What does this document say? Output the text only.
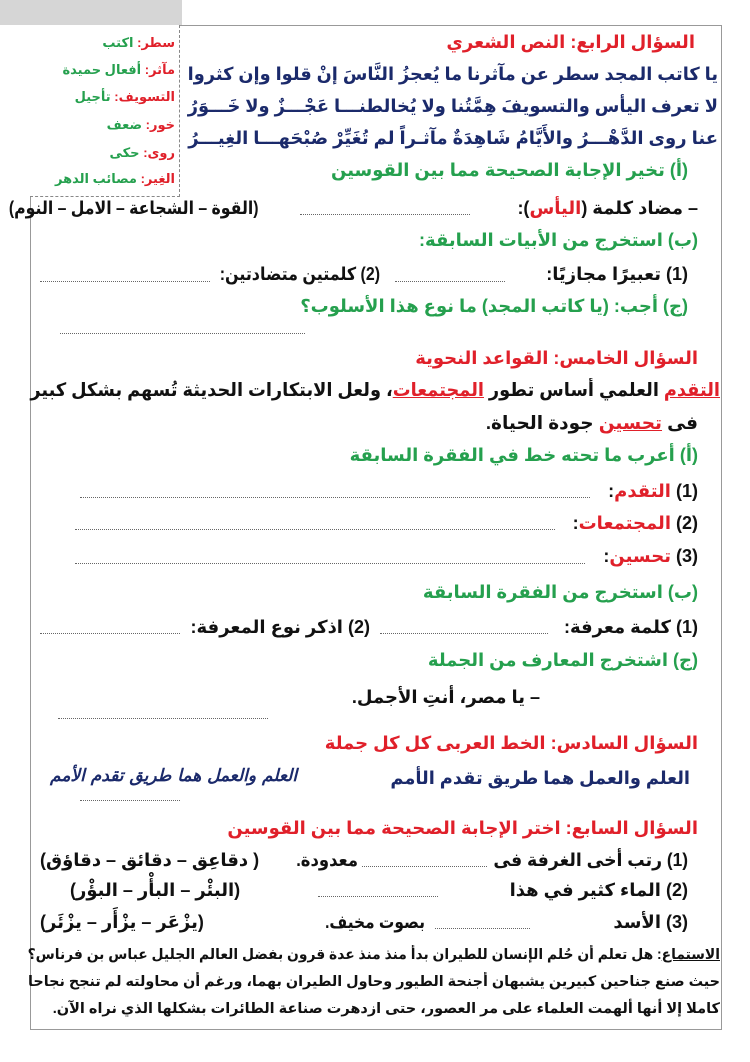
سطر: اكتب
مآثر: أفعال حميدة
التسويف: تأجيل
خور: ضعف
روى: حكى
الغِير: مصائب الدهر
السؤال الرابع: النص الشعري
يا كاتب المجد سطر عن مآثرنا ما يُعجزُ النَّاسَ إنْ قلوا وإن كثروا
لا تعرف اليأس والتسويفَ هِمَّتُنا ولا يُخالطنـــا عَجْـــزٌ ولا خَـــوَرُ
عنا روى الدَّهْـــرُ والأَيَّامُ شَاهِدَةٌ مآثـراً لم تُغَيِّرْ صُبْحَهـــا الغِيـــرُ
(أ) تخير الإجابة الصحيحة مما بين القوسين
– مضاد كلمة (اليأس):
(القوة – الشجاعة – الامل – النوم)
(ب) استخرج من الأبيات السابقة:
(1) تعبيرًا مجازيًا:
(2) كلمتين متضادتين:
(ج) أجب: (يا كاتب المجد) ما نوع هذا الأسلوب؟
السؤال الخامس: القواعد النحوية
التقدم العلمي أساس تطور المجتمعات، ولعل الابتكارات الحديثة تُسهم بشكل كبير
فى تحسين جودة الحياة.
(أ) أعرب ما تحته خط في الفقرة السابقة
(1) التقدم:
(2) المجتمعات:
(3) تحسين:
(ب) استخرج من الفقرة السابقة
(1) كلمة معرفة:
(2) اذكر نوع المعرفة:
(ج) اشتخرج المعارف من الجملة
– يا مصر، أنتِ الأجمل.
السؤال السادس: الخط العربى كل كل جملة
العلم والعمل هما طريق تقدم الأمم
العلم والعمل هما طريق تقدم الأمم
السؤال السابع: اختر الإجابة الصحيحة مما بين القوسين
(1) رتب أخى الغرفة فى
معدودة.
( دقاعِق – دقائق – دقاؤق)
(2) الماء كثير في هذا
(البئْر – البأْر – البؤْر)
(3) الأسد
بصوت مخيف.
(يزْعَر – يزْأَر – يزْئَر)
الاستماع: هل تعلم أن حُلم الإنسان للطيران بدأ منذ منذ عدة قرون بفضل العالم الجليل عباس بن فرناس؟
حيث صنع جناحين كبيرين يشبهان أجنحة الطيور وحاول الطيران بهما، ورغم أن محاولته لم تنجح نجاحا
كاملا إلا أنها ألهمت العلماء على مر العصور، حتى ازدهرت صناعة الطائرات بشكلها الذي نراه الآن.
